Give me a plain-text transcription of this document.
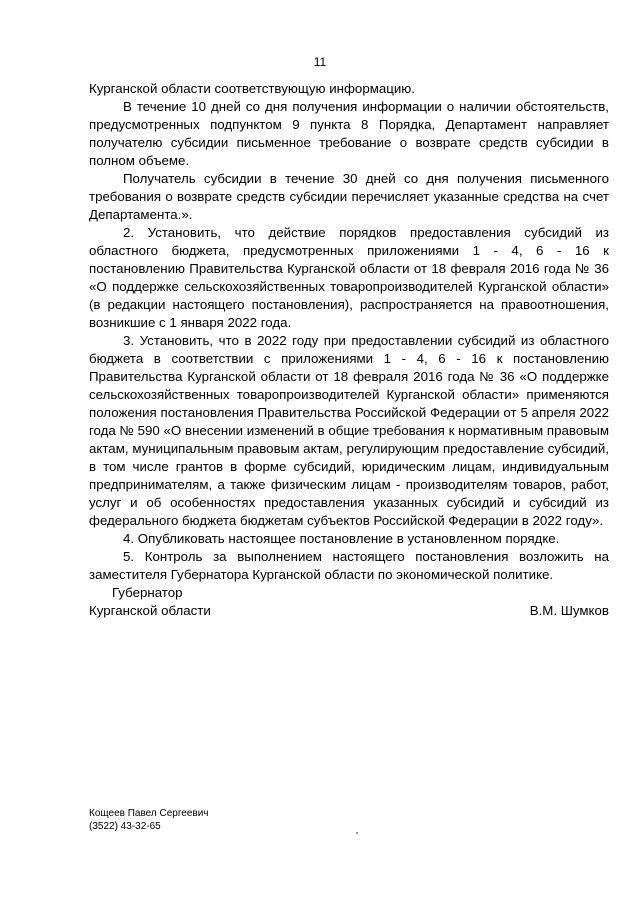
11

Курганской области соответствующую информацию.

В течение 10 дней со дня получения информации о наличии обстоятельств, предусмотренных подпунктом 9 пункта 8 Порядка, Департамент направляет получателю субсидии письменное требование о возврате средств субсидии в полном объеме.

Получатель субсидии в течение 30 дней со дня получения письменного требования о возврате средств субсидии перечисляет указанные средства на счет Департамента.».

2. Установить, что действие порядков предоставления субсидий из областного бюджета, предусмотренных приложениями 1 - 4, 6 - 16 к постановлению Правительства Курганской области от 18 февраля 2016 года № 36 «О поддержке сельскохозяйственных товаропроизводителей Курганской области» (в редакции настоящего постановления), распространяется на правоотношения, возникшие с 1 января 2022 года.

3. Установить, что в 2022 году при предоставлении субсидий из областного бюджета в соответствии с приложениями 1 - 4, 6 - 16 к постановлению Правительства Курганской области от 18 февраля 2016 года № 36 «О поддержке сельскохозяйственных товаропроизводителей Курганской области» применяются положения постановления Правительства Российской Федерации от 5 апреля 2022 года № 590 «О внесении изменений в общие требования к нормативным правовым актам, муниципальным правовым актам, регулирующим предоставление субсидий, в том числе грантов в форме субсидий, юридическим лицам, индивидуальным предпринимателям, а также физическим лицам - производителям товаров, работ, услуг и об особенностях предоставления указанных субсидий и субсидий из федерального бюджета бюджетам субъектов Российской Федерации в 2022 году».

4. Опубликовать настоящее постановление в установленном порядке.

5. Контроль за выполнением настоящего постановления возложить на заместителя Губернатора Курганской области по экономической политике.

Губернатор
Курганской области	В.М. Шумков
Кощеев Павел Сергеевич
(3522) 43-32-65
